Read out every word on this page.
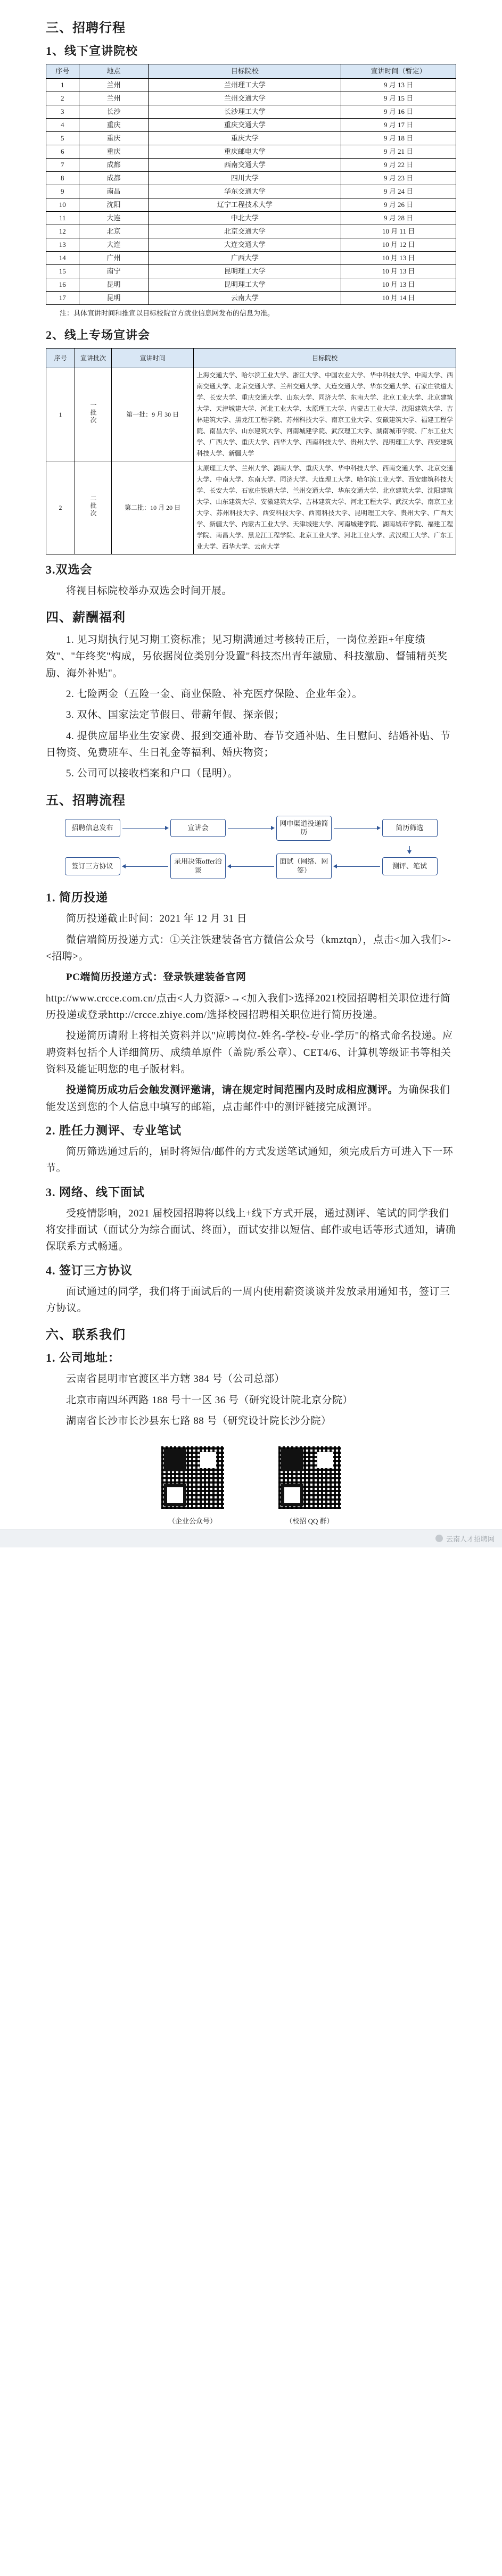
三、招聘行程
1、线下宣讲院校
序号	地点	目标院校	宣讲时间（暂定）
1	兰州	兰州理工大学	9 月 13 日
2	兰州	兰州交通大学	9 月 15 日
3	长沙	长沙理工大学	9 月 16 日
4	重庆	重庆交通大学	9 月 17 日
5	重庆	重庆大学	9 月 18 日
6	重庆	重庆邮电大学	9 月 21 日
7	成都	西南交通大学	9 月 22 日
8	成都	四川大学	9 月 23 日
9	南昌	华东交通大学	9 月 24 日
10	沈阳	辽宁工程技术大学	9 月 26 日
11	大连	中北大学	9 月 28 日
12	北京	北京交通大学	10 月 11 日
13	大连	大连交通大学	10 月 12 日
14	广州	广西大学	10 月 13 日
15	南宁	昆明理工大学	10 月 13 日
16	昆明	昆明理工大学	10 月 13 日
17	昆明	云南大学	10 月 14 日

注：具体宣讲时间和推宣以目标校院官方就业信息网发布的信息为准。

2、线上专场宣讲会
序号	宣讲批次	宣讲时间	目标院校
1	一批次	第一批：9 月 30 日	上海交通大学、哈尔滨工业大学、浙江大学、中国农业大学、华中科技大学、中南大学、西南交通大学、北京交通大学、兰州交通大学、大连交通大学、华东交通大学、石家庄铁道大学、长安大学、重庆交通大学、山东大学、同济大学、东南大学、北京工业大学、北京建筑大学、天津城建大学、河北工业大学、太原理工大学、内蒙古工业大学、沈阳建筑大学、吉林建筑大学、黑龙江工程学院、苏州科技大学、南京工业大学、安徽建筑大学、福建工程学院、南昌大学、山东建筑大学、河南城建学院、武汉理工大学、湖南城市学院、广东工业大学、广西大学、重庆大学、西华大学、西南科技大学、贵州大学、昆明理工大学、西安建筑科技大学、新疆大学
2	二批次	第二批：10 月 20 日	太原理工大学、兰州大学、湖南大学、重庆大学、华中科技大学、西南交通大学、北京交通大学、中南大学、东南大学、同济大学、大连理工大学、哈尔滨工业大学、西安建筑科技大学、长安大学、石家庄铁道大学、兰州交通大学、华东交通大学、北京建筑大学、沈阳建筑大学、山东建筑大学、安徽建筑大学、吉林建筑大学、河北工程大学、武汉大学、南京工业大学、苏州科技大学、西安科技大学、西南科技大学、昆明理工大学、贵州大学、广西大学、新疆大学、内蒙古工业大学、天津城建大学、河南城建学院、湖南城市学院、福建工程学院、南昌大学、黑龙江工程学院、北京工业大学、河北工业大学、武汉理工大学、广东工业大学、西华大学、云南大学
3.双选会

将视目标院校举办双选会时间开展。

四、薪酬福利

1. 见习期执行见习期工资标准；见习期满通过考核转正后，一岗位差距+年度绩效"、"年终奖"构成，另依据岗位类别分设置"科技杰出青年激励、科技激励、督铺精英奖励、海外补贴"。

2. 七险两金（五险一金、商业保险、补充医疗保险、企业年金）。

3. 双休、国家法定节假日、带薪年假、探亲假；

4. 提供应届毕业生安家费、报到交通补助、春节交通补贴、生日慰问、结婚补贴、节日物资、免费班车、生日礼金等福利、婚庆物资；

5. 公司可以接收档案和户口（昆明）。

五、招聘流程
招聘信息发布	宣讲会
网申渠道投递简历
简历筛选
签订三方协议
录用决策offer洽谈
面试（网络、网签）
测评、笔试
1. 简历投递

简历投递截止时间：2021 年 12 月 31 日

微信端简历投递方式：①关注铁建装备官方微信公众号（kmztqn），点击<加入我们>-<招聘>。

PC端简历投递方式：登录铁建装备官网

http://www.crcce.com.cn/点击<人力资源>→<加入我们>选择2021校园招聘相关职位进行简历投递或登录http://crcce.zhiye.com/选择校园招聘相关职位进行简历投递。

投递简历请附上将相关资料并以"应聘岗位-姓名-学校-专业-学历"的格式命名投递。应聘资料包括个人详细简历、成绩单原件（盖院/系公章）、CET4/6、计算机等级证书等相关资料及能证明您的电子版材料。

投递简历成功后会触发测评邀请，请在规定时间范围内及时成相应测评。为确保我们能发送到您的个人信息中填写的邮箱，点击邮件中的测评链接完成测评。

2. 胜任力测评、专业笔试

简历筛选通过后的，届时将短信/邮件的方式发送笔试通知，须完成后方可进入下一环节。

3. 网络、线下面试

受疫情影响，2021 届校园招聘将以线上+线下方式开展，通过测评、笔试的同学我们将安排面试（面试分为综合面试、终面），面试安排以短信、邮件或电话等形式通知，请确保联系方式畅通。

4. 签订三方协议

面试通过的同学，我们将于面试后的一周内使用薪资谈谈并发放录用通知书，签订三方协议。

六、联系我们
1. 公司地址：

云南省昆明市官渡区半方辖 384 号（公司总部）

北京市南四环西路 188 号十一区 36 号（研究设计院北京分院）

湖南省长沙市长沙县东七路 88 号（研究设计院长沙分院）

（企业公众号）	（校招 QQ 群）
云南人才招聘网
